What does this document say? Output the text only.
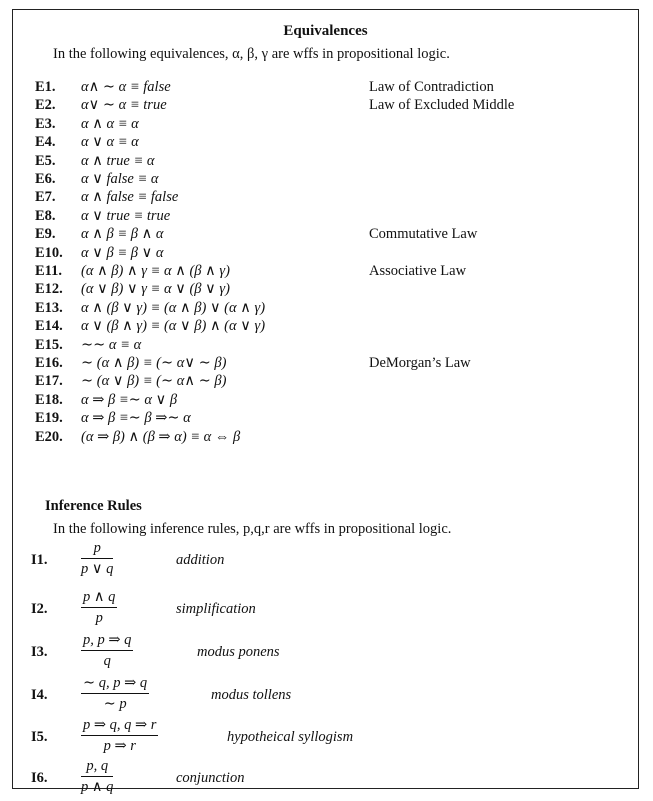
Equivalences
In the following equivalences, α, β, γ are wffs in propositional logic.
E1. α∧ ∼ α ≡ false	Law of Contradiction
E2. α∨ ∼ α ≡ true	Law of Excluded Middle
E3. α ∧ α ≡ α
E4. α ∨ α ≡ α
E5. α ∧ true ≡ α
E6. α ∨ false ≡ α
E7. α ∧ false ≡ false
E8. α ∨ true ≡ true
E9. α ∧ β ≡ β ∧ α	Commutative Law
E10. α ∨ β ≡ β ∨ α
E11. (α ∧ β) ∧ γ ≡ α ∧ (β ∧ γ)	Associative Law
E12. (α ∨ β) ∨ γ ≡ α ∨ (β ∨ γ)
E13. α ∧ (β ∨ γ) ≡ (α ∧ β) ∨ (α ∧ γ)
E14. α ∨ (β ∧ γ) ≡ (α ∨ β) ∧ (α ∨ γ)
E15. ∼∼ α ≡ α
E16. ∼ (α ∧ β) ≡ (∼ α∨ ∼ β)	DeMorgan’s Law
E17. ∼ (α ∨ β) ≡ (∼ α∧ ∼ β)
E18. α ⇒ β ≡∼ α ∨ β
E19. α ⇒ β ≡∼ β ⇒∼ α
E20. (α ⇒ β) ∧ (β ⇒ α) ≡ α ⇔ β
Inference Rules
In the following inference rules, p,q,r are wffs in propositional logic.
I1. $\frac{p}{p \vee q}$	addition
I2. $\frac{p \wedge q}{p}$	simplification
I3. $\frac{p, p \Rightarrow q}{q}$	modus ponens
I4. $\frac{\sim q, p \Rightarrow q}{\sim p}$	modus tollens
I5. $\frac{p \Rightarrow q, q \Rightarrow r}{p \Rightarrow r}$	hypotheical syllogism
I6. $\frac{p, q}{p \wedge q}$	conjunction
